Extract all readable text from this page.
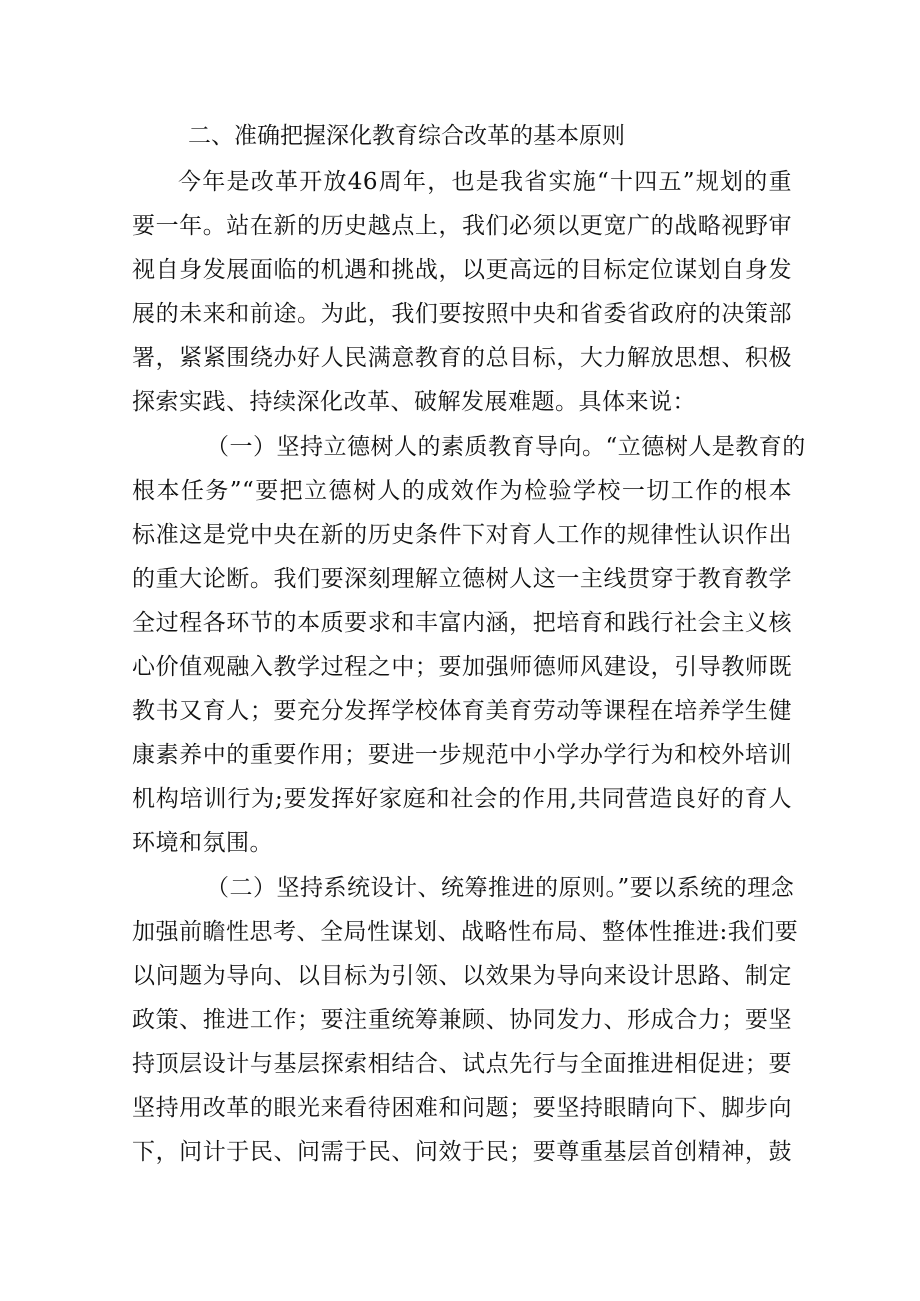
二、准确把握深化教育综合改革的基本原则
今年是改革开放46周年，也是我省实施“十四五”规划的重
要一年。站在新的历史越点上，我们必须以更宽广的战略视野审
视自身发展面临的机遇和挑战，以更高远的目标定位谋划自身发
展的未来和前途。为此，我们要按照中央和省委省政府的决策部
署，紧紧围绕办好人民满意教育的总目标，大力解放思想、积极
探索实践、持续深化改革、破解发展难题。具体来说：
（一）坚持立德树人的素质教育导向。“立德树人是教育的
根本任务”“要把立德树人的成效作为检验学校一切工作的根本
标准这是党中央在新的历史条件下对育人工作的规律性认识作出
的重大论断。我们要深刻理解立德树人这一主线贯穿于教育教学
全过程各环节的本质要求和丰富内涵，把培育和践行社会主义核
心价值观融入教学过程之中；要加强师德师风建设，引导教师既
教书又育人；要充分发挥学校体育美育劳动等课程在培养学生健
康素养中的重要作用；要进一步规范中小学办学行为和校外培训
机构培训行为;要发挥好家庭和社会的作用,共同营造良好的育人
环境和氛围。
（二）坚持系统设计、统筹推进的原则。”要以系统的理念
加强前瞻性思考、全局性谋划、战略性布局、整体性推进:我们要
以问题为导向、以目标为引领、以效果为导向来设计思路、制定
政策、推进工作；要注重统筹兼顾、协同发力、形成合力；要坚
持顶层设计与基层探索相结合、试点先行与全面推进相促进；要
坚持用改革的眼光来看待困难和问题；要坚持眼睛向下、脚步向
下，问计于民、问需于民、问效于民；要尊重基层首创精神，鼓
